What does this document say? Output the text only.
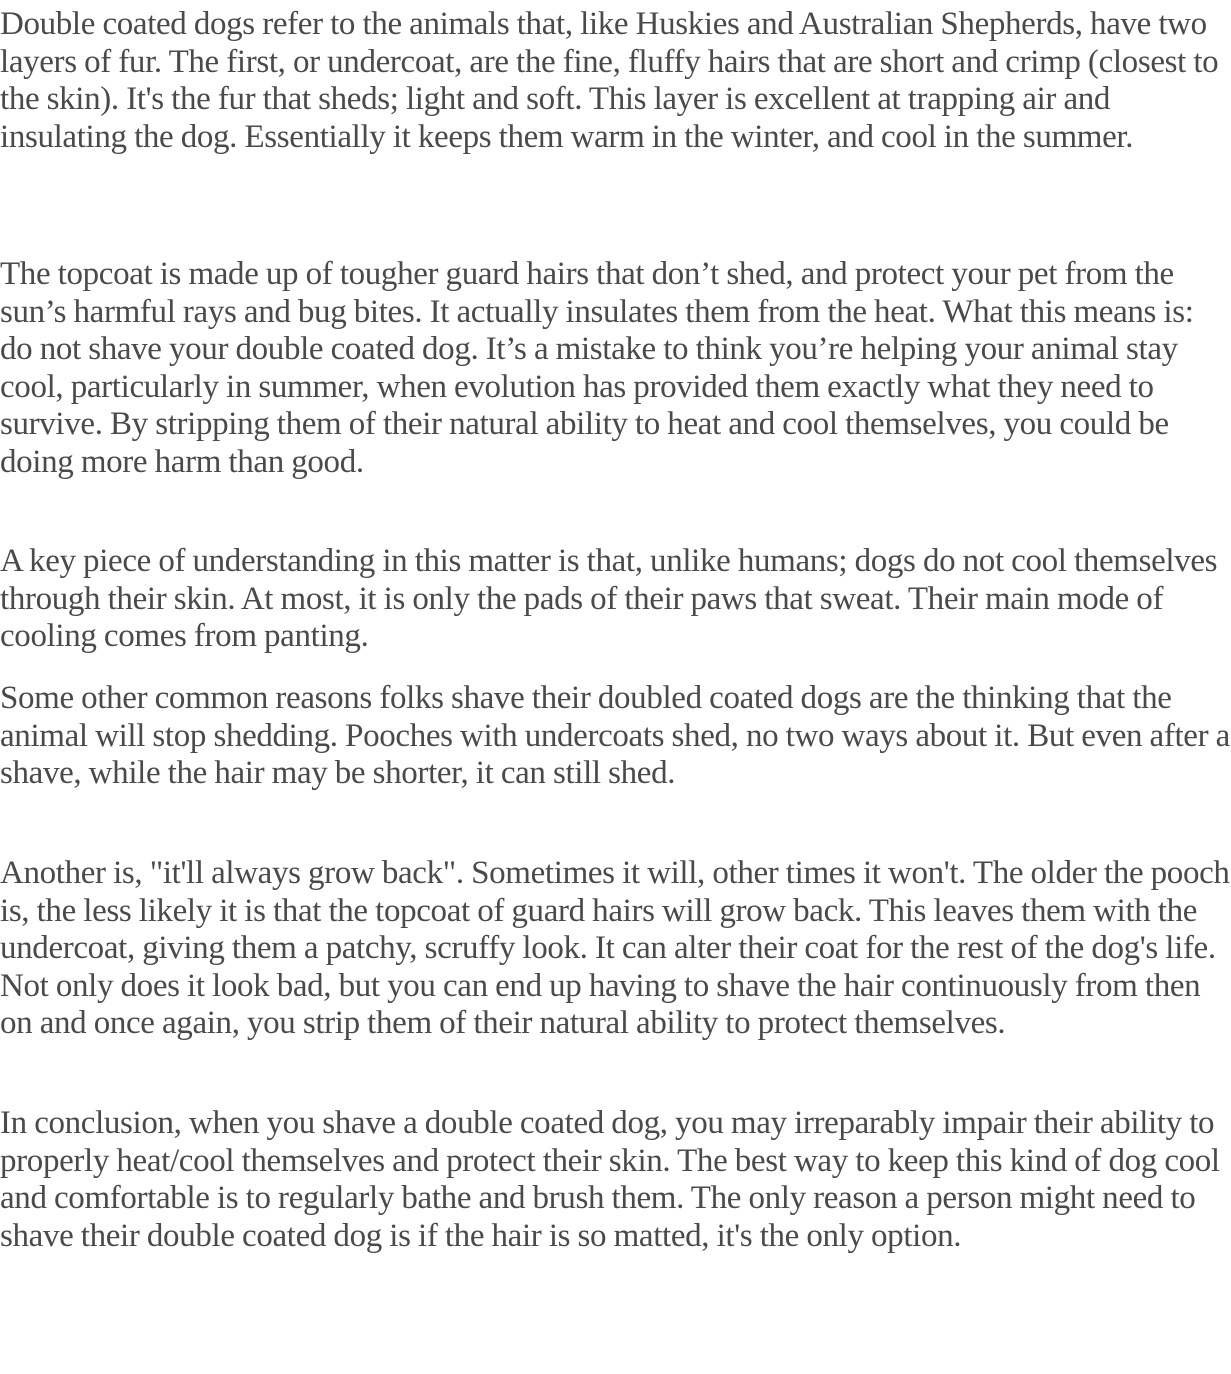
Double coated dogs refer to the animals that, like Huskies and Australian Shepherds, have two layers of fur. The first, or undercoat, are the fine, fluffy hairs that are short and crimp (closest to the skin). It's the fur that sheds; light and soft. This layer is excellent at trapping air and insulating the dog. Essentially it keeps them warm in the winter, and cool in the summer.

The topcoat is made up of tougher guard hairs that don’t shed, and protect your pet from the sun’s harmful rays and bug bites. It actually insulates them from the heat. What this means is: do not shave your double coated dog. It’s a mistake to think you’re helping your animal stay cool, particularly in summer, when evolution has provided them exactly what they need to survive. By stripping them of their natural ability to heat and cool themselves, you could be doing more harm than good.

A key piece of understanding in this matter is that, unlike humans; dogs do not cool themselves through their skin. At most, it is only the pads of their paws that sweat. Their main mode of cooling comes from panting.

Some other common reasons folks shave their doubled coated dogs are the thinking that the animal will stop shedding. Pooches with undercoats shed, no two ways about it. But even after a shave, while the hair may be shorter, it can still shed.

Another is, "it'll always grow back". Sometimes it will, other times it won't. The older the pooch is, the less likely it is that the topcoat of guard hairs will grow back. This leaves them with the undercoat, giving them a patchy, scruffy look. It can alter their coat for the rest of the dog's life. Not only does it look bad, but you can end up having to shave the hair continuously from then on and once again, you strip them of their natural ability to protect themselves.

In conclusion, when you shave a double coated dog, you may irreparably impair their ability to properly heat/cool themselves and protect their skin. The best way to keep this kind of dog cool and comfortable is to regularly bathe and brush them. The only reason a person might need to shave their double coated dog is if the hair is so matted, it's the only option.
